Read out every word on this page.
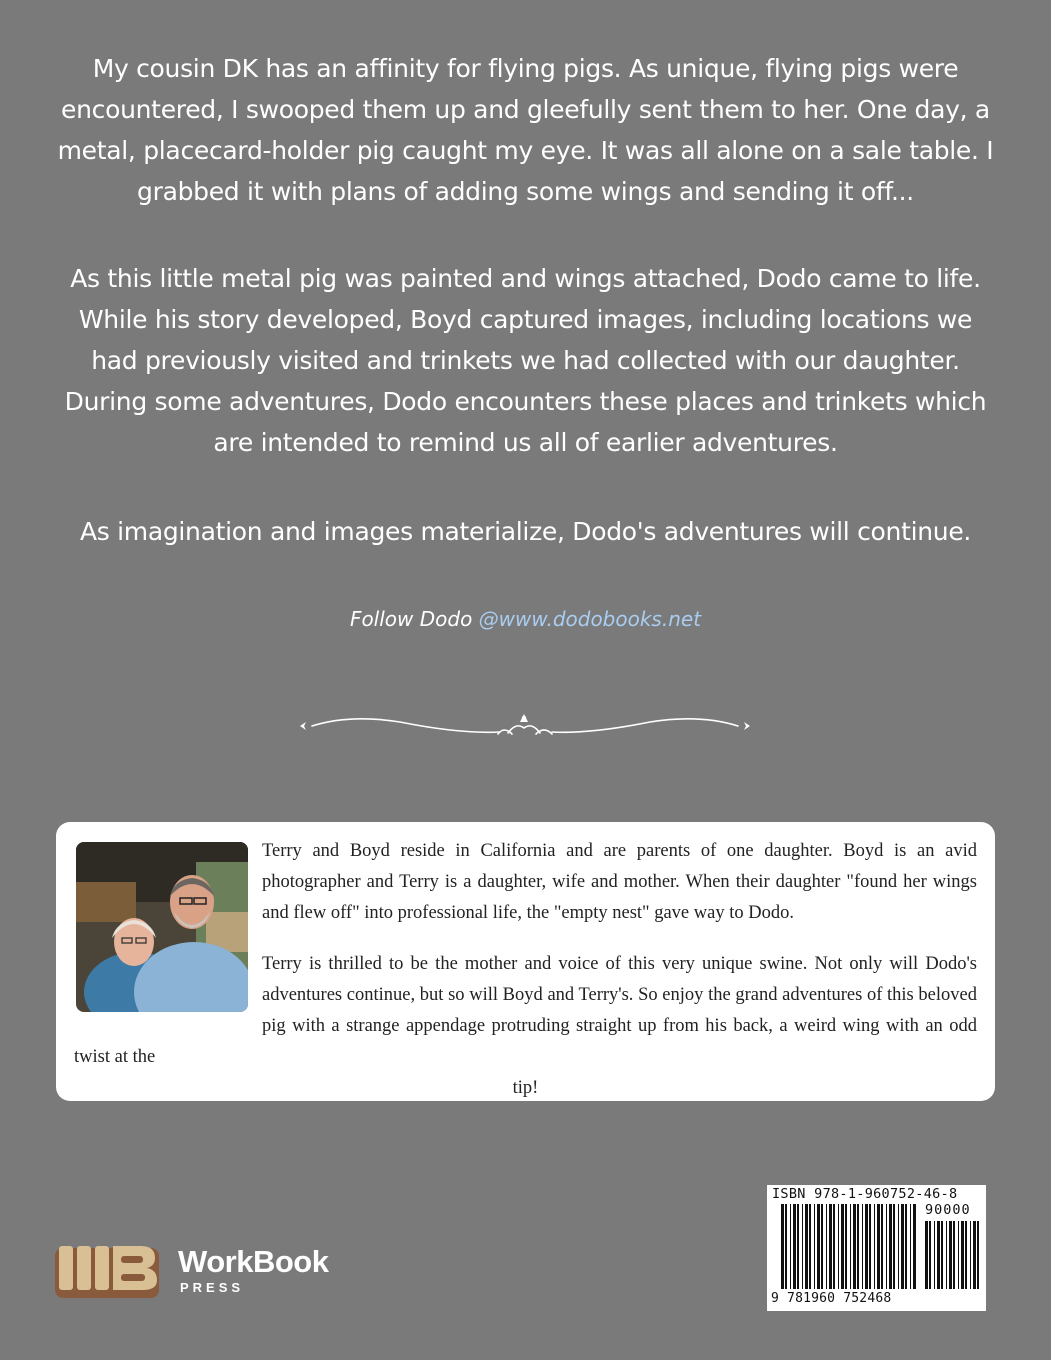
My cousin DK has an affinity for flying pigs. As unique, flying pigs were encountered, I swooped them up and gleefully sent them to her. One day, a metal, placecard-holder pig caught my eye. It was all alone on a sale table. I grabbed it with plans of adding some wings and sending it off...
As this little metal pig was painted and wings attached, Dodo came to life. While his story developed, Boyd captured images, including locations we had previously visited and trinkets we had collected with our daughter. During some adventures, Dodo encounters these places and trinkets which are intended to remind us all of earlier adventures.
As imagination and images materialize, Dodo's adventures will continue.
Follow Dodo @www.dodobooks.net

Terry and Boyd reside in California and are parents of one daughter. Boyd is an avid photographer and Terry is a daughter, wife and mother. When their daughter "found her wings and flew off" into professional life, the "empty nest" gave way to Dodo.

Terry is thrilled to be the mother and voice of this very unique swine. Not only will Dodo's adventures continue, but so will Boyd and Terry's. So enjoy the grand adventures of this beloved pig with a strange appendage protruding straight up from his back, a weird wing with an odd twist at the
tip!

WorkBook
PRESS
ISBN 978-1-960752-46-8
90000
9 781960 752468
